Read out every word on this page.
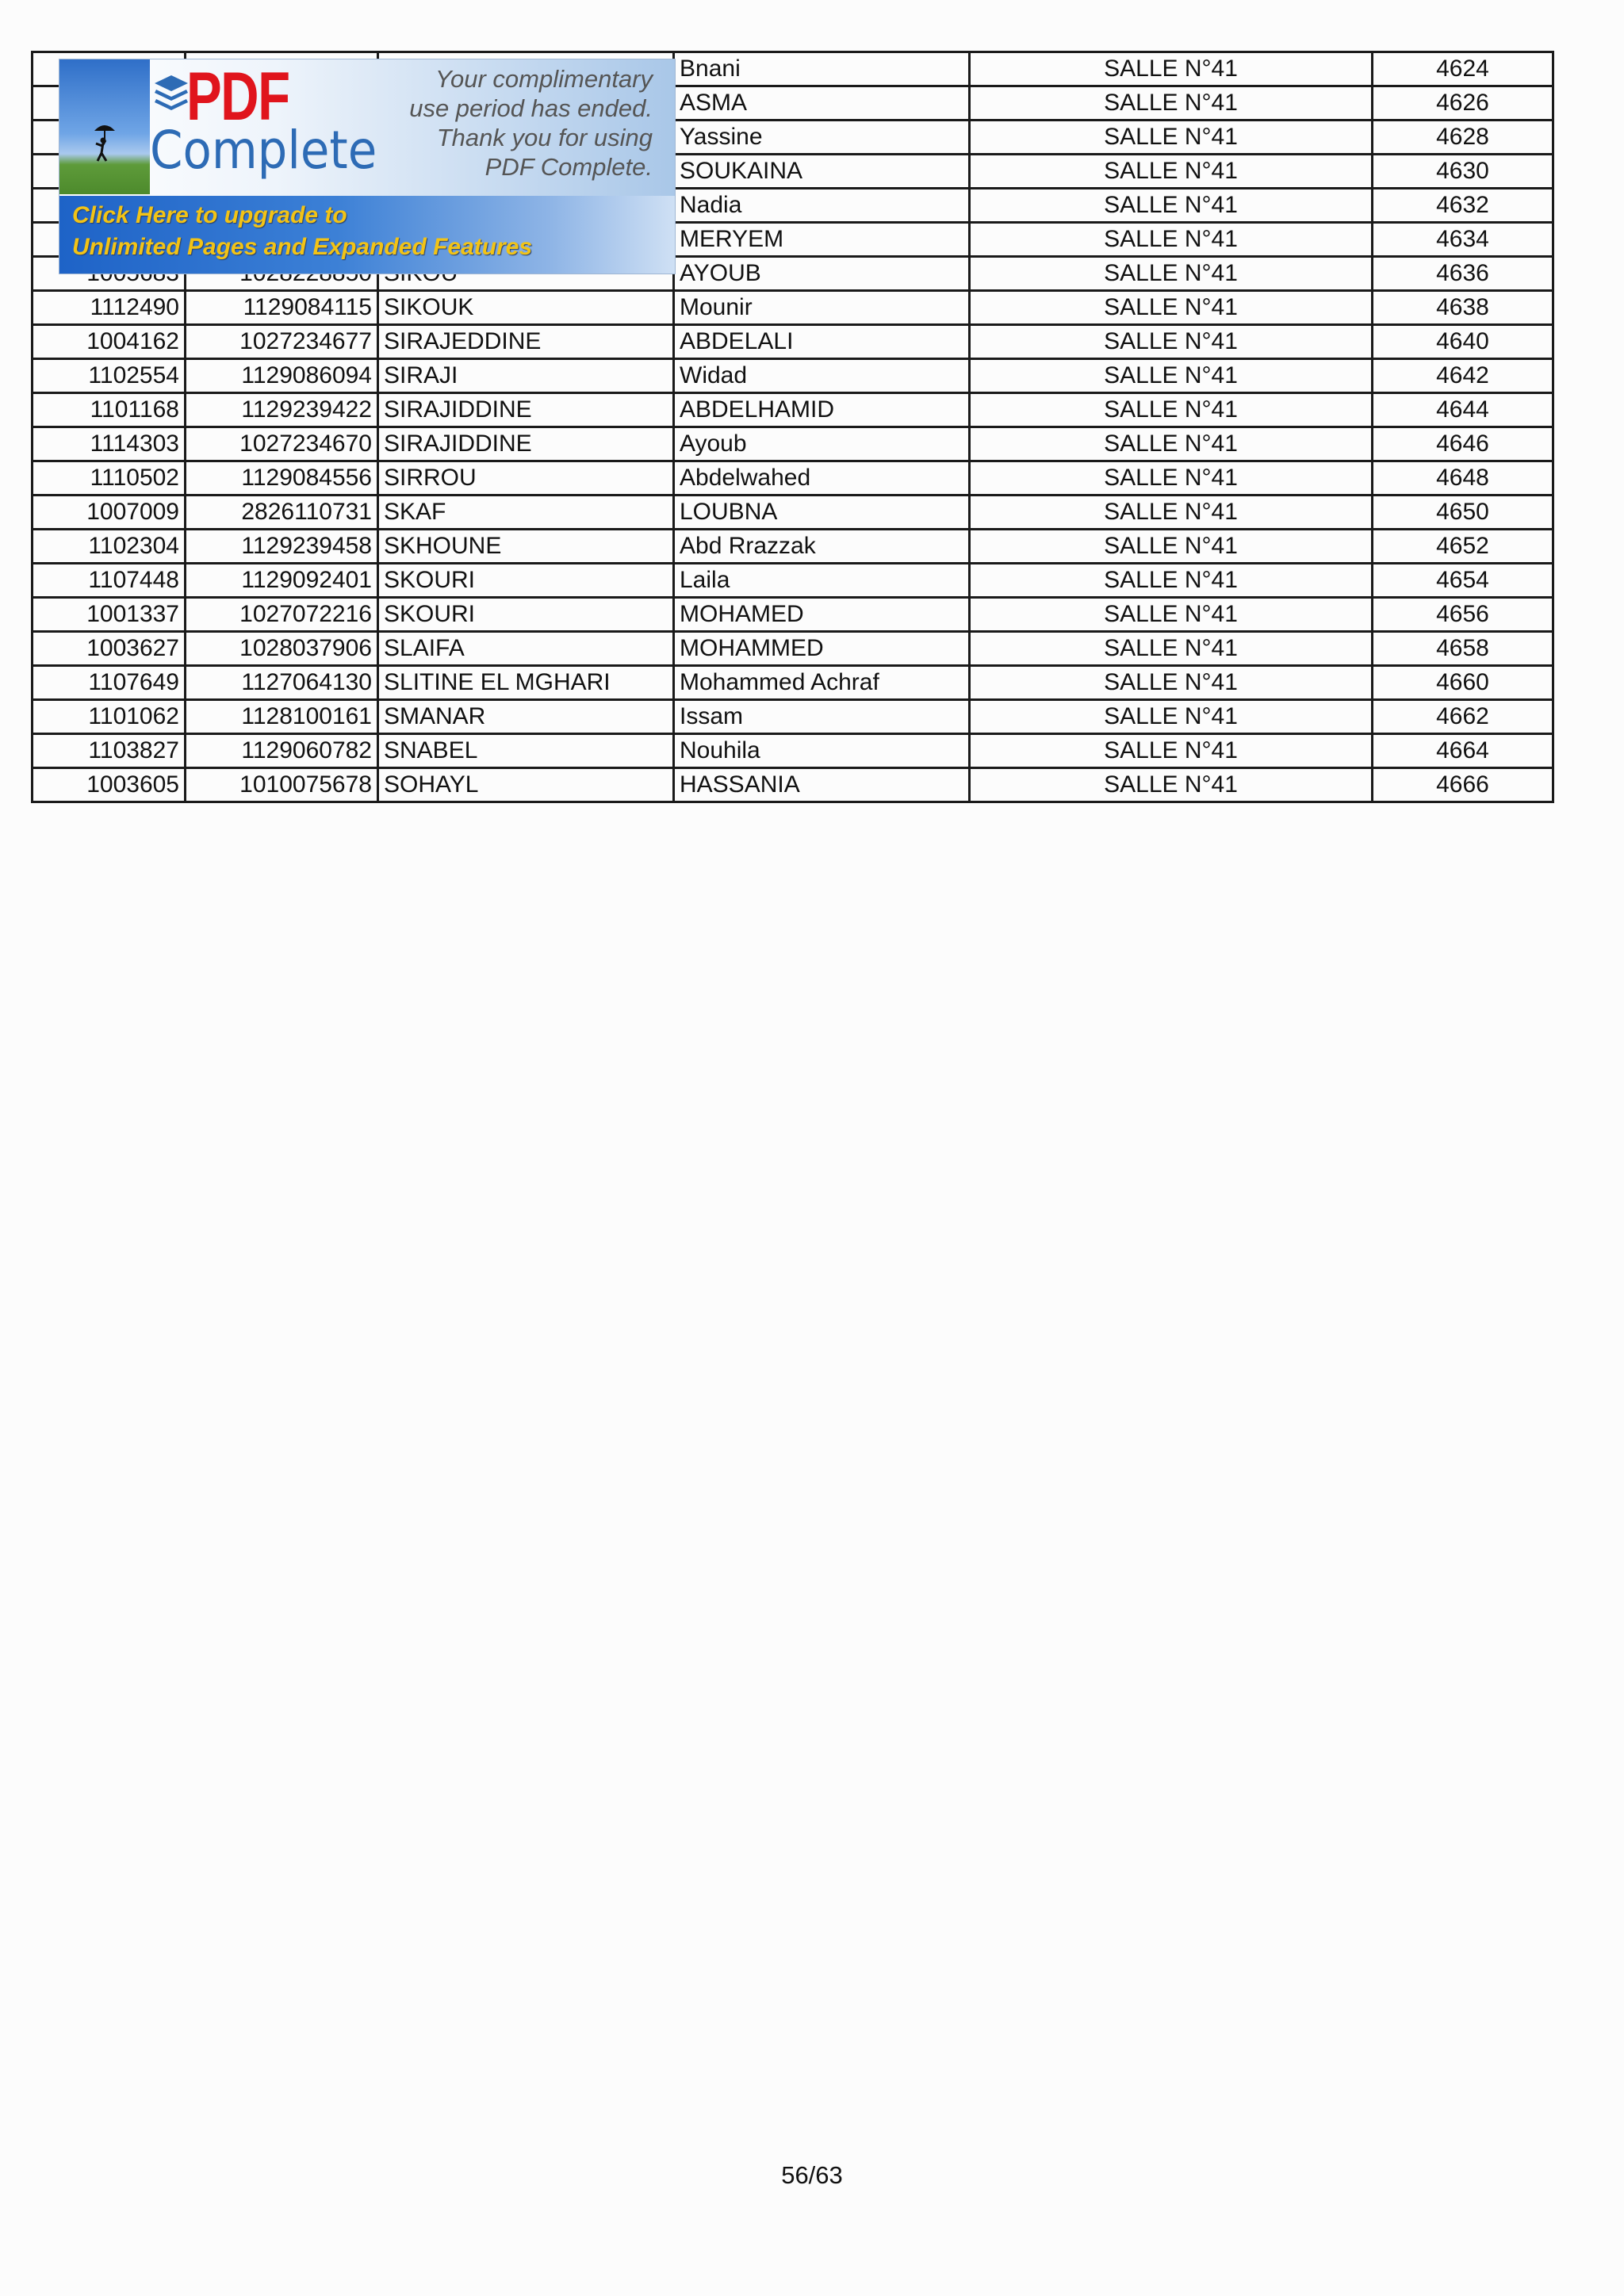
			Bnani	SALLE N°41	4624
			ASMA	SALLE N°41	4626
			Yassine	SALLE N°41	4628
			SOUKAINA	SALLE N°41	4630
			Nadia	SALLE N°41	4632
			MERYEM	SALLE N°41	4634
			AYOUB	SALLE N°41	4636
1112490	1129084115	SIKOUK	Mounir	SALLE N°41	4638
1004162	1027234677	SIRAJEDDINE	ABDELALI	SALLE N°41	4640
1102554	1129086094	SIRAJI	Widad	SALLE N°41	4642
1101168	1129239422	SIRAJIDDINE	ABDELHAMID	SALLE N°41	4644
1114303	1027234670	SIRAJIDDINE	Ayoub	SALLE N°41	4646
1110502	1129084556	SIRROU	Abdelwahed	SALLE N°41	4648
1007009	2826110731	SKAF	LOUBNA	SALLE N°41	4650
1102304	1129239458	SKHOUNE	Abd Rrazzak	SALLE N°41	4652
1107448	1129092401	SKOURI	Laila	SALLE N°41	4654
1001337	1027072216	SKOURI	MOHAMED	SALLE N°41	4656
1003627	1028037906	SLAIFA	MOHAMMED	SALLE N°41	4658
1107649	1127064130	SLITINE EL MGHARI	Mohammed Achraf	SALLE N°41	4660
1101062	1128100161	SMANAR	Issam	SALLE N°41	4662
1103827	1129060782	SNABEL	Nouhila	SALLE N°41	4664
1003605	1010075678	SOHAYL	HASSANIA	SALLE N°41	4666
PDF
Complete
Your complimentary
use period has ended.
Thank you for using
PDF Complete.
Click Here to upgrade to
Unlimited Pages and Expanded Features
56/63
